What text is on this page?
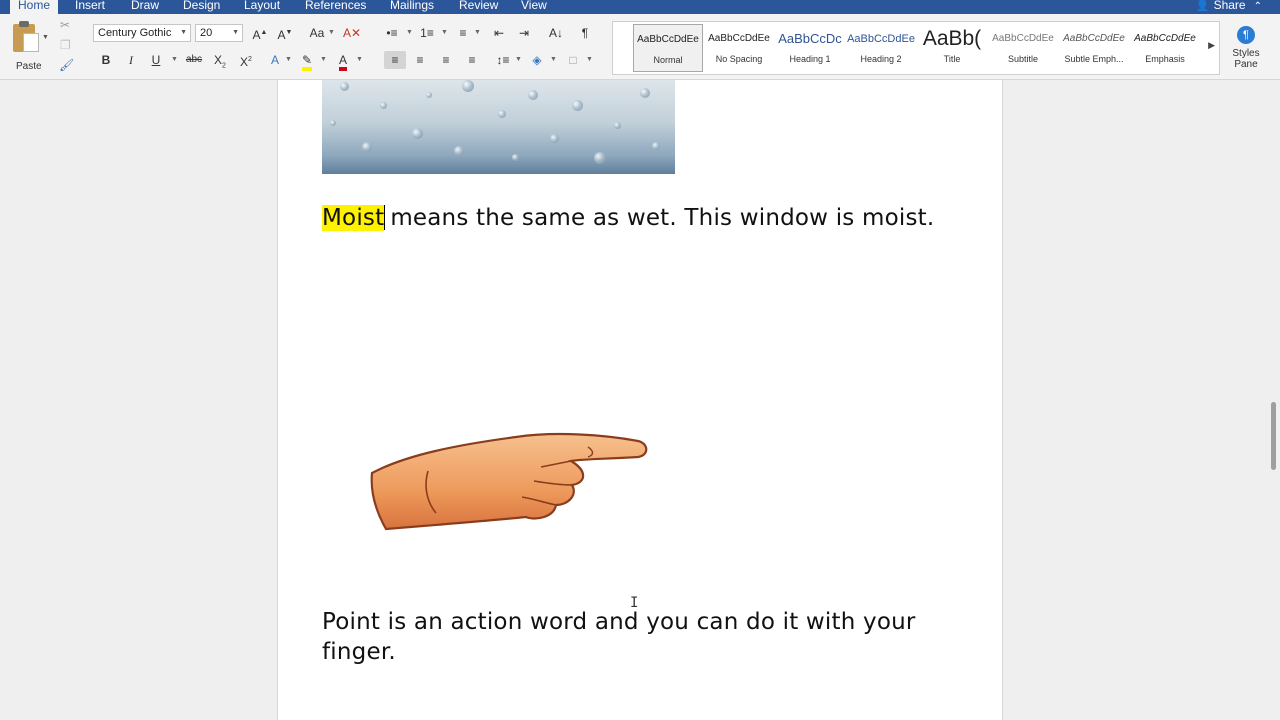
Home	Insert Draw Design Layout References Mailings Review View	👤 Share ⌃
▼
Paste
✂
❐
🖌
Century Gothic ▼	20	▼ A▲ A▼	Aa ▼ A✕
B	I	U	▼ abc $X_2$	$X^2$	A ▼ ✎	▼	A	▼
•≡	▼ 1≡	▼ ≡	▼	⇤	⇥	A↓	¶
≡	≡	≡	≡	↕≡ ▼ ◈	▼	□	▼
AaBbCcDdEe
Normal
AaBbCcDdEe
No Spacing
AaBbCcDc
Heading 1
AaBbCcDdEe
Heading 2
AaBb(
Title
AaBbCcDdEe
Subtitle
AaBbCcDdEe
Subtle Emph...
AaBbCcDdEe
Emphasis
▶
¶
Styles Pane
Moist means the same as wet. This window is moist.
Point is an action word and you can do it with your finger.
I
